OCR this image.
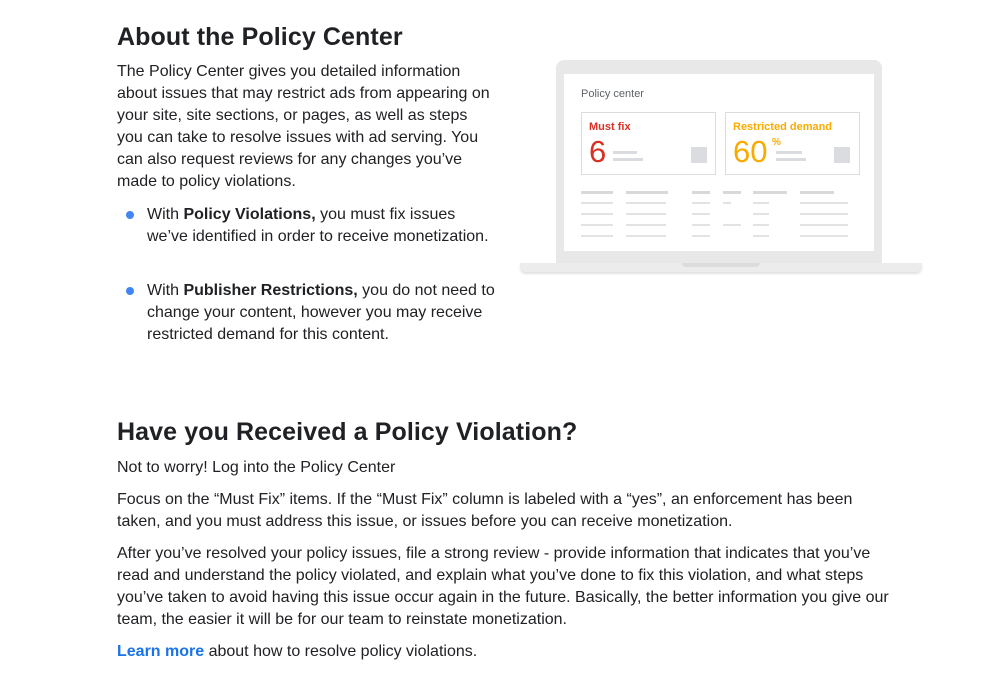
About the Policy Center

The Policy Center gives you detailed information about issues that may restrict ads from appearing on your site, site sections, or pages, as well as steps you can take to resolve issues with ad serving. You can also request reviews for any changes you’ve made to policy violations.

With Policy Violations, you must fix issues we’ve identified in order to receive monetization.
With Publisher Restrictions, you do not need to change your content, however you may receive restricted demand for this content.
Policy center
Must fix
6
Restricted demand
60 %
Have you Received a Policy Violation?

Not to worry! Log into the Policy Center

Focus on the “Must Fix” items. If the “Must Fix” column is labeled with a “yes”, an enforcement has been taken, and you must address this issue, or issues before you can receive monetization.

After you’ve resolved your policy issues, file a strong review - provide information that indicates that you’ve read and understand the policy violated, and explain what you’ve done to fix this violation, and what steps you’ve taken to avoid having this issue occur again in the future. Basically, the better information you give our team, the easier it will be for our team to reinstate monetization.

Learn more about how to resolve policy violations.
